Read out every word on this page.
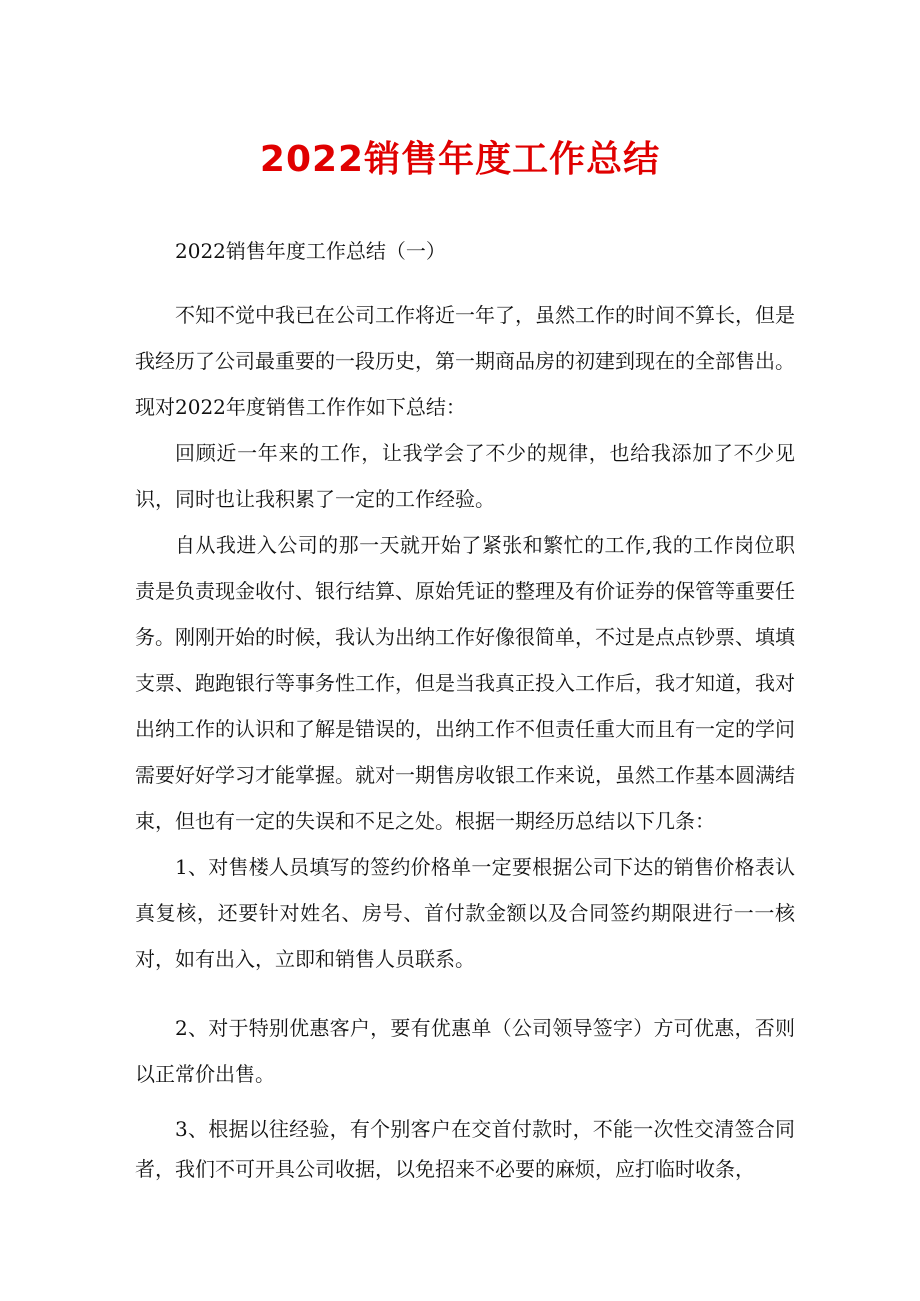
2022销售年度工作总结

2022销售年度工作总结（一）

不知不觉中我已在公司工作将近一年了，虽然工作的时间不算长，但是我经历了公司最重要的一段历史，第一期商品房的初建到现在的全部售出。现对2022年度销售工作作如下总结：

回顾近一年来的工作，让我学会了不少的规律，也给我添加了不少见识，同时也让我积累了一定的工作经验。

自从我进入公司的那一天就开始了紧张和繁忙的工作,我的工作岗位职责是负责现金收付、银行结算、原始凭证的整理及有价证券的保管等重要任务。刚刚开始的时候，我认为出纳工作好像很简单，不过是点点钞票、填填支票、跑跑银行等事务性工作，但是当我真正投入工作后，我才知道，我对出纳工作的认识和了解是错误的，出纳工作不但责任重大而且有一定的学问需要好好学习才能掌握。就对一期售房收银工作来说，虽然工作基本圆满结束，但也有一定的失误和不足之处。根据一期经历总结以下几条：

1、对售楼人员填写的签约价格单一定要根据公司下达的销售价格表认真复核，还要针对姓名、房号、首付款金额以及合同签约期限进行一一核对，如有出入，立即和销售人员联系。

2、对于特别优惠客户，要有优惠单（公司领导签字）方可优惠，否则以正常价出售。

3、根据以往经验，有个别客户在交首付款时，不能一次性交清签合同者，我们不可开具公司收据，以免招来不必要的麻烦，应打临时收条，
